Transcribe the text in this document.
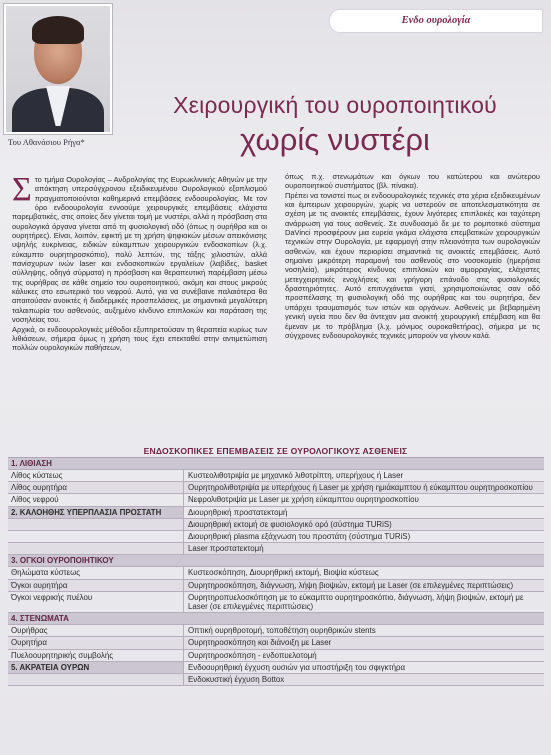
Του Αθανάσιου Ρήγα*
Ενδο ουρολογία
Χειρουργική του ουροποιητικού
χωρίς νυστέρι

Στο τμήμα Ουρολογίας – Ανδρολογίας της Ευρωκλινικής Αθηνών με την απόκτηση υπερσύγχρονου εξειδικευμένου Ουρολογικού εξοπλισμού πραγματοποιούνται καθημερινά επεμβάσεις ενδοουρολογίας. Με τον όρο ενδοουρολογία εννοούμε χειρουργικές επεμβάσεις ελάχιστα παρεμβατικές, στις οποίες δεν γίνεται τομή με νυστέρι, αλλά η πρόσβαση στα ουρολογικά όργανα γίνεται από τη φυσιολογική οδό (όπως η ουρήθρα και οι ουρητήρες). Είναι, λοιπόν, εφικτή με τη χρήση ψηφιακών μέσων απεικόνισης υψηλής ευκρίνειας, ειδικών εύκαμπτων χειρουργικών ενδοσκοπίων (λ.χ. εύκαμπτο ουρητηροσκόπιο), πολύ λεπτών, της τάξης χιλιοστών, αλλά πανίσχυρων ινών laser και ενδοσκοπικών εργαλείων (λαβίδες, basket σύλληψης, οδηγά σύρματα) η πρόσβαση και θεραπευτική παρέμβαση μέσω της ουρήθρας σε κάθε σημείο του ουροποιητικού, ακόμη και στους μικρούς κάλυκες στο εσωτερικό του νεφρού. Αυτό, για να συνέβαινε παλαιότερα θα απαιτούσαν ανοικτές ή διαδερμικές προσπελάσεις, με σημαντικά μεγαλύτερη ταλαιπωρία του ασθενούς, αυξημένο κίνδυνο επιπλοκών και παράταση της νοσηλείας του.

Αρχικά, οι ενδοουρολογικές μέθοδοι εξυπηρετούσαν τη θεραπεία κυρίως των λιθιάσεων, σήμερα όμως η χρήση τους έχει επεκταθεί στην αντιμετώπιση πολλών ουρολογικών παθήσεων,

όπως π.χ. στενωμάτων και όγκων του κατώτερου και ανώτερου ουροποιητικού συστήματος (βλ. πίνακα).

Πρέπει να τονιστεί πως οι ενδοουρολογικές τεχνικές στα χέρια εξειδικευμένων και έμπειρων χειρουργών, χωρίς να υστερούν σε αποτελεσματικότητα σε σχέση με τις ανοικτές επεμβάσεις, έχουν λιγότερες επιπλοκές και ταχύτερη ανάρρωση για τους ασθενείς. Σε συνδυασμό δε με το ρομποτικό σύστημα DaVinci προσφέρουν μια ευρεία γκάμα ελάχιστα επεμβατικών χειρουργικών τεχνικών στην Ουρολογία, με εφαρμογή στην πλειονότητα των ουρολογικών ασθενών, και έχουν περιορίσει σημαντικά τις ανοικτές επεμβάσεις. Αυτό σημαίνει μικρότερη παραμονή του ασθενούς στο νοσοκομείο (ημερήσια νοσηλεία), μικρότερος κίνδυνος επιπλοκών και αιμορραγίας, ελάχιστες μετεγχειρητικές ενοχλήσεις και γρήγορη επάνοδο στις φυσιολογικές δραστηριότητες. Αυτό επιτυγχάνεται γιατί, χρησιμοποιώντας σαν οδό προσπέλασης τη φυσιολογική οδό της ουρήθρας και του ουρητήρα, δεν υπάρχει τραυματισμός των ιστών και οργάνων. Ασθενείς με βεβαρημένη γενική υγεία που δεν θα άντεχαν μια ανοικτή χειρουργική επέμβαση και θα έμεναν με το πρόβλημα (λ.χ. μόνιμος ουροκαθετήρας), σήμερα με τις σύγχρονες ενδοουρολογικές τεχνικές μπορούν να γίνουν καλά.

ΕΝΔΟΣΚΟΠΙΚΕΣ ΕΠΕΜΒΑΣΕΙΣ ΣΕ ΟΥΡΟΛΟΓΙΚΟΥΣ ΑΣΘΕΝΕΙΣ
1. ΛΙΘΙΑΣΗ
Λίθος κύστεως	Κυστεολιθοτριψία με μηχανικό λιθοτρίπτη, υπερήχους ή Laser
Λίθος ουρητήρα	Ουρητηρολιθοτριψία με υπερήχους ή Laser με χρήση ημιάκαμπτου ή εύκαμπτου ουρητηροσκοπίου
Λίθος νεφρού	Νεφρολιθοτριψία με Laser με χρήση εύκαμπτου ουρητηροσκοπίου
2. ΚΑΛΟΗΘΗΣ ΥΠΕΡΠΛΑΣΙΑ ΠΡΟΣΤΑΤΗ	Διουρηθρική προστατεκτομή
Διουρηθρική εκτομή σε φυσιολογικό ορό (σύστημα TURiS)
Διουρηθρική plasma εξάχνωση του προστάτη (σύστημα TURiS)
Laser προστατεκτομή
3. ΟΓΚΟΙ ΟΥΡΟΠΟΙΗΤΙΚΟΥ
Θηλώματα κύστεως	Κυστεοσκόπηση, Διουρηθρική εκτομή, Βιοψία κύστεως
Όγκοι ουρητήρα	Ουρητηροσκόπηση, διάγνωση, λήψη βιοψιών, εκτομή με Laser (σε επιλεγμένες περιπτώσεις)
Όγκοι νεφρικής πυέλου	Ουρητηροπυελοσκόπηση με το εύκαμπτο ουρητηροσκόπιο, διάγνωση, λήψη βιοψιών, εκτομή με Laser (σε επιλεγμένες περιπτώσεις)
4. ΣΤΕΝΩΜΑΤΑ
Ουρήθρας	Οπτική ουρηθροτομή, τοποθέτηση ουρηθρικών stents
Ουρητήρα	Ουρητηροσκόπηση και διάνοιξη με Laser
Πυελοουρητηρικής συμβολής	Ουρητηροσκόπηση - ενδοπυελοτομή
5. ΑΚΡΑΤΕΙΑ ΟΥΡΩΝ	Ενδοουρηθρική έγχυση ουσιών για υποστήριξη του σφιγκτήρα
Ενδοκυστική έγχυση Bottox
